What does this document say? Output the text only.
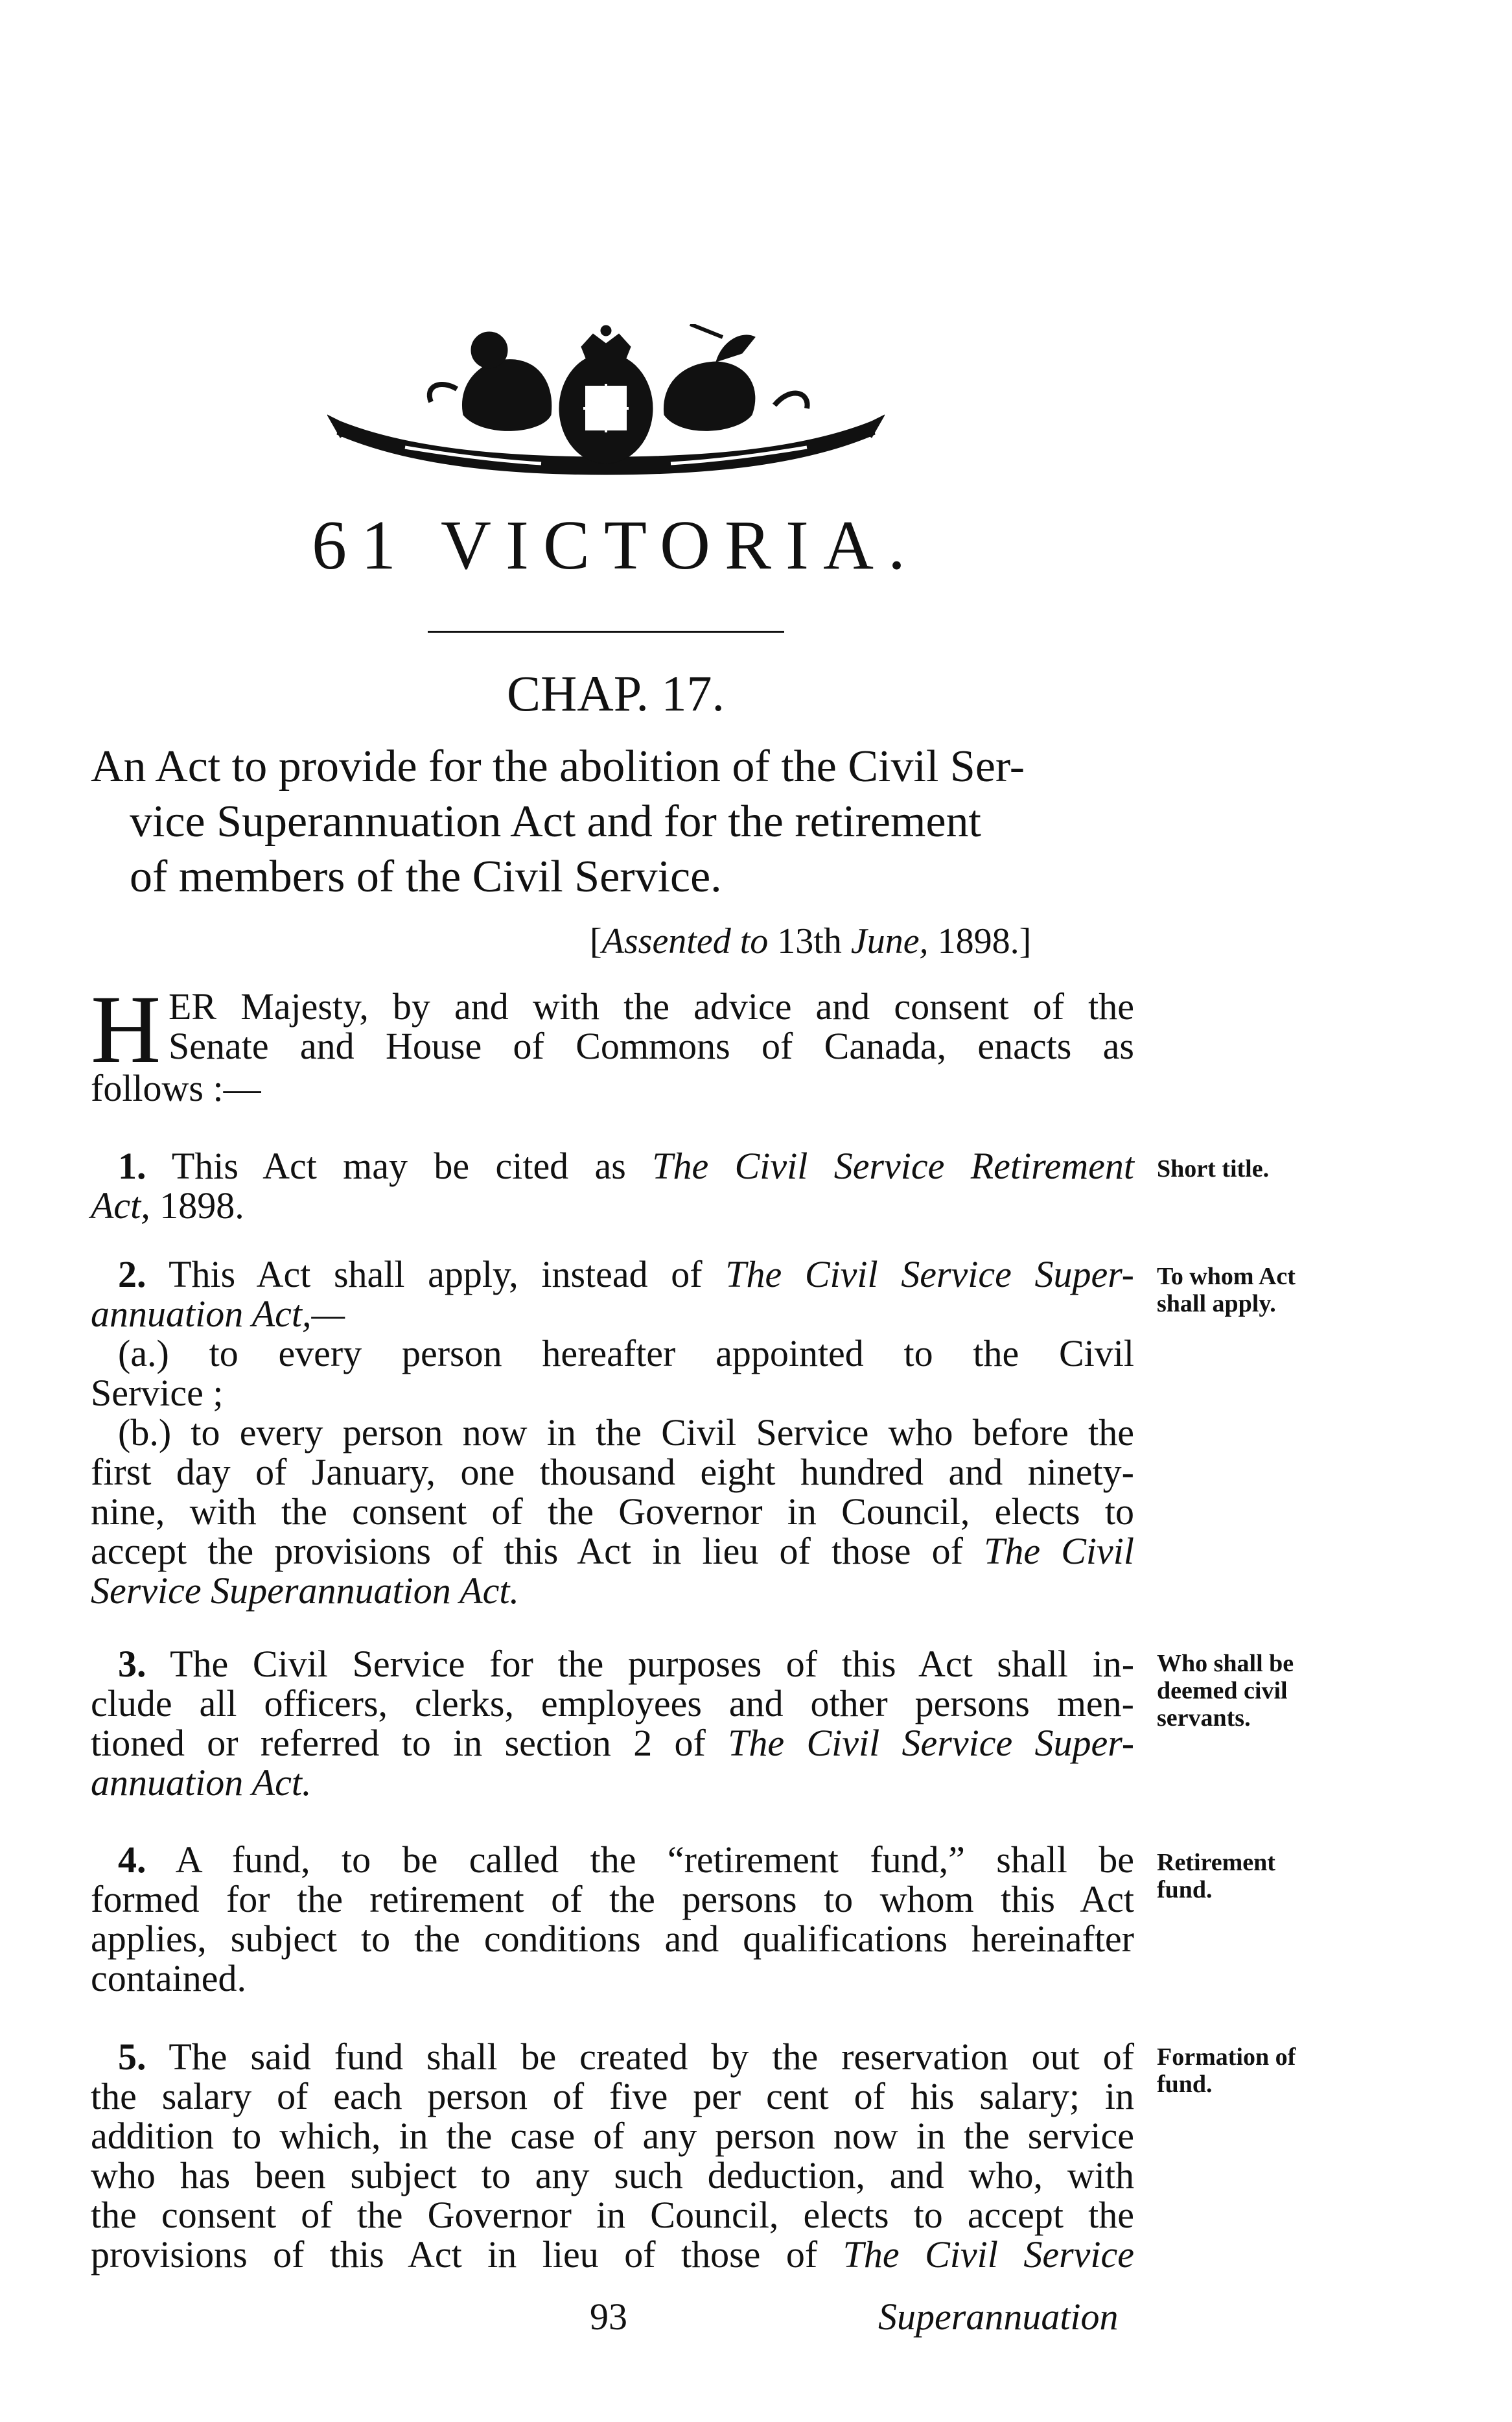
61 VICTORIA.
CHAP. 17.
An Act to provide for the abolition of the Civil Ser-
vice Superannuation Act and for the retirement
of members of the Civil Service.
[Assented to 13th June, 1898.]
H ER Majesty, by and with the advice and consent of the
Senate and House of Commons of Canada, enacts as
follows :—
1. This Act may be cited as The Civil Service Retirement
Act, 1898.
Short title.
2. This Act shall apply, instead of The Civil Service Super-
annuation Act,—
(a.) to every person hereafter appointed to the Civil
Service ;
(b.) to every person now in the Civil Service who before the
first day of January, one thousand eight hundred and ninety-
nine, with the consent of the Governor in Council, elects to
accept the provisions of this Act in lieu of those of The Civil
Service Superannuation Act.
To whom Act
shall apply.
3. The Civil Service for the purposes of this Act shall in-
clude all officers, clerks, employees and other persons men-
tioned or referred to in section 2 of The Civil Service Super-
annuation Act.
Who shall be
deemed civil
servants.
4. A fund, to be called the “retirement fund,” shall be
formed for the retirement of the persons to whom this Act
applies, subject to the conditions and qualifications hereinafter
contained.
Retirement
fund.
5. The said fund shall be created by the reservation out of
the salary of each person of five per cent of his salary; in
addition to which, in the case of any person now in the service
who has been subject to any such deduction, and who, with
the consent of the Governor in Council, elects to accept the
provisions of this Act in lieu of those of The Civil Service
Formation of
fund.
93	Superannuation
